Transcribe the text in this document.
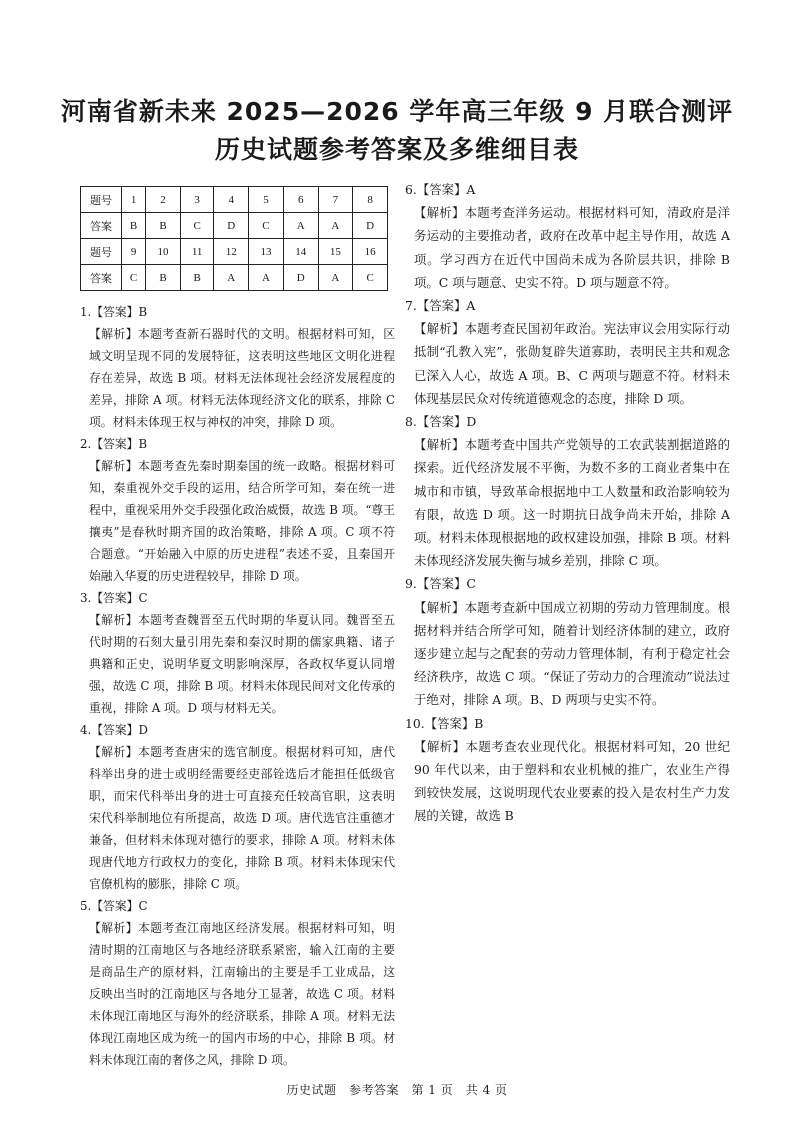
河南省新未来 2025—2026 学年高三年级 9 月联合测评
历史试题参考答案及多维细目表
题号	1	2	3	4	5	6	7	8
答案	B	B	C	D	C	A	A	D
题号	9	10	11	12	13	14	15	16
答案	C	B	B	A	A	D	A	C

1.【答案】B

【解析】本题考查新石器时代的文明。根据材料可知，区域文明呈现不同的发展特征，这表明这些地区文明化进程存在差异，故选 B 项。材料无法体现社会经济发展程度的差异，排除 A 项。材料无法体现经济文化的联系，排除 C 项。材料未体现王权与神权的冲突，排除 D 项。

2.【答案】B

【解析】本题考查先秦时期秦国的统一政略。根据材料可知，秦重视外交手段的运用，结合所学可知，秦在统一进程中，重视采用外交手段强化政治威慑，故选 B 项。“尊王攘夷”是春秋时期齐国的政治策略，排除 A 项。C 项不符合题意。“开始融入中原的历史进程”表述不妥，且秦国开始融入华夏的历史进程较早，排除 D 项。

3.【答案】C

【解析】本题考查魏晋至五代时期的华夏认同。魏晋至五代时期的石刻大量引用先秦和秦汉时期的儒家典籍、诸子典籍和正史，说明华夏文明影响深厚，各政权华夏认同增强，故选 C 项，排除 B 项。材料未体现民间对文化传承的重视，排除 A 项。D 项与材料无关。

4.【答案】D

【解析】本题考查唐宋的选官制度。根据材料可知，唐代科举出身的进士或明经需要经吏部铨选后才能担任低级官职，而宋代科举出身的进士可直接充任较高官职，这表明宋代科举制地位有所提高，故选 D 项。唐代选官注重德才兼备，但材料未体现对德行的要求，排除 A 项。材料未体现唐代地方行政权力的变化，排除 B 项。材料未体现宋代官僚机构的膨胀，排除 C 项。

5.【答案】C

【解析】本题考查江南地区经济发展。根据材料可知，明清时期的江南地区与各地经济联系紧密，输入江南的主要是商品生产的原材料，江南输出的主要是手工业成品，这反映出当时的江南地区与各地分工显著，故选 C 项。材料未体现江南地区与海外的经济联系，排除 A 项。材料无法体现江南地区成为统一的国内市场的中心，排除 B 项。材料未体现江南的奢侈之风，排除 D 项。

6.【答案】A

【解析】本题考查洋务运动。根据材料可知，清政府是洋务运动的主要推动者，政府在改革中起主导作用，故选 A 项。学习西方在近代中国尚未成为各阶层共识，排除 B 项。C 项与题意、史实不符。D 项与题意不符。

7.【答案】A

【解析】本题考查民国初年政治。宪法审议会用实际行动抵制“孔教入宪”，张勋复辟失道寡助，表明民主共和观念已深入人心，故选 A 项。B、C 两项与题意不符。材料未体现基层民众对传统道德观念的态度，排除 D 项。

8.【答案】D

【解析】本题考查中国共产党领导的工农武装割据道路的探索。近代经济发展不平衡，为数不多的工商业者集中在城市和市镇，导致革命根据地中工人数量和政治影响较为有限，故选 D 项。这一时期抗日战争尚未开始，排除 A 项。材料未体现根据地的政权建设加强，排除 B 项。材料未体现经济发展失衡与城乡差别，排除 C 项。

9.【答案】C

【解析】本题考查新中国成立初期的劳动力管理制度。根据材料并结合所学可知，随着计划经济体制的建立，政府逐步建立起与之配套的劳动力管理体制，有利于稳定社会经济秩序，故选 C 项。“保证了劳动力的合理流动”说法过于绝对，排除 A 项。B、D 两项与史实不符。

10.【答案】B

【解析】本题考查农业现代化。根据材料可知，20 世纪 90 年代以来，由于塑料和农业机械的推广，农业生产得到较快发展，这说明现代农业要素的投入是农村生产力发展的关键，故选 B

历史试题　参考答案　第 1 页　共 4 页
